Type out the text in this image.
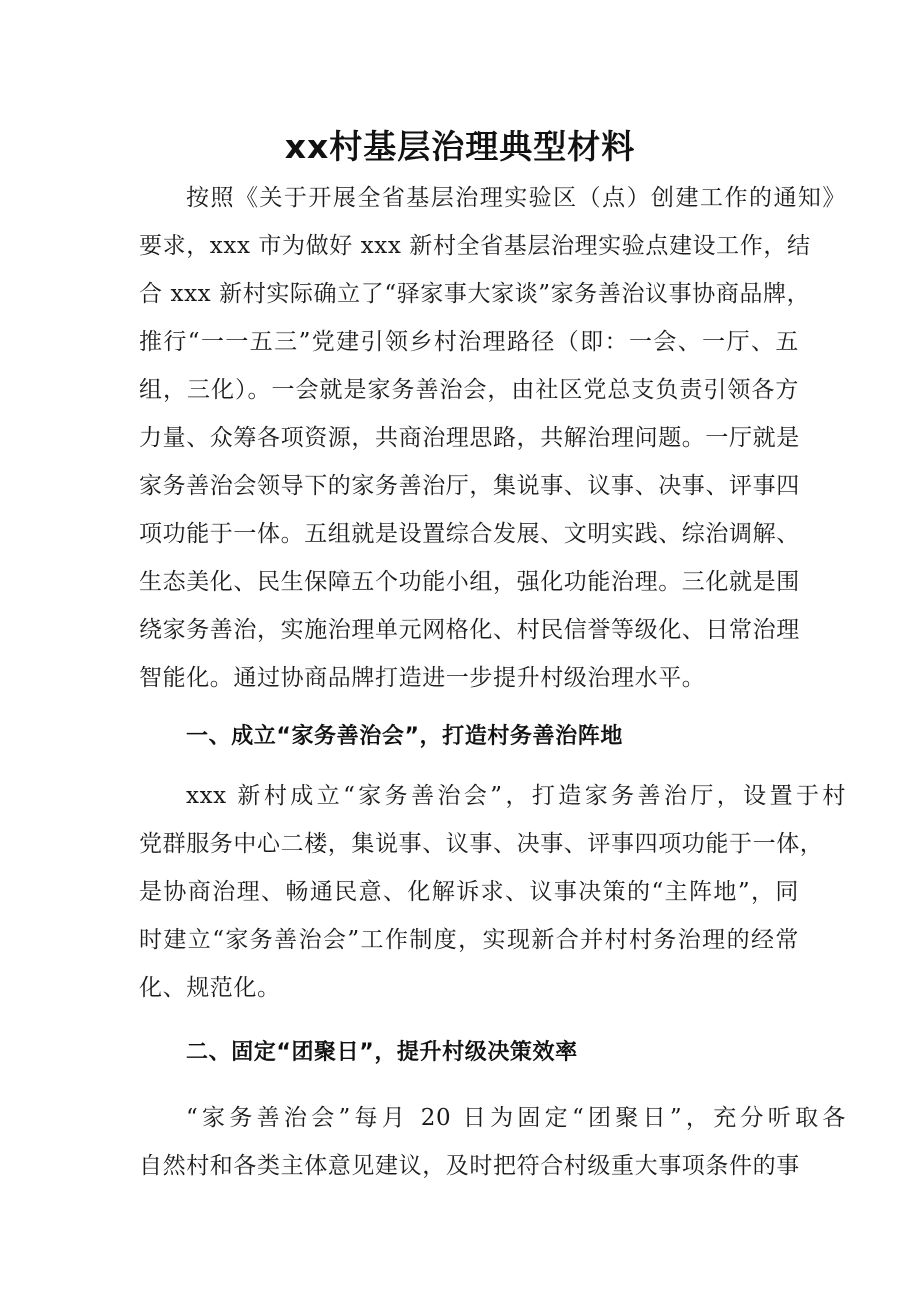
xx村基层治理典型材料
按照《关于开展全省基层治理实验区（点）创建工作的通知》
要求，xxx 市为做好 xxx 新村全省基层治理实验点建设工作，结
合 xxx 新村实际确立了“驿家事大家谈”家务善治议事协商品牌，
推行“一一五三”党建引领乡村治理路径（即：一会、一厅、五
组，三化）。一会就是家务善治会，由社区党总支负责引领各方
力量、众筹各项资源，共商治理思路，共解治理问题。一厅就是
家务善治会领导下的家务善治厅，集说事、议事、决事、评事四
项功能于一体。五组就是设置综合发展、文明实践、综治调解、
生态美化、民生保障五个功能小组，强化功能治理。三化就是围
绕家务善治，实施治理单元网格化、村民信誉等级化、日常治理
智能化。通过协商品牌打造进一步提升村级治理水平。
一、成立“家务善治会”，打造村务善治阵地
xxx 新村成立“家务善治会”，打造家务善治厅，设置于村
党群服务中心二楼，集说事、议事、决事、评事四项功能于一体，
是协商治理、畅通民意、化解诉求、议事决策的“主阵地”，同
时建立“家务善治会”工作制度，实现新合并村村务治理的经常
化、规范化。
二、固定“团聚日”，提升村级决策效率
“家务善治会”每月 20 日为固定“团聚日”，充分听取各
自然村和各类主体意见建议，及时把符合村级重大事项条件的事
